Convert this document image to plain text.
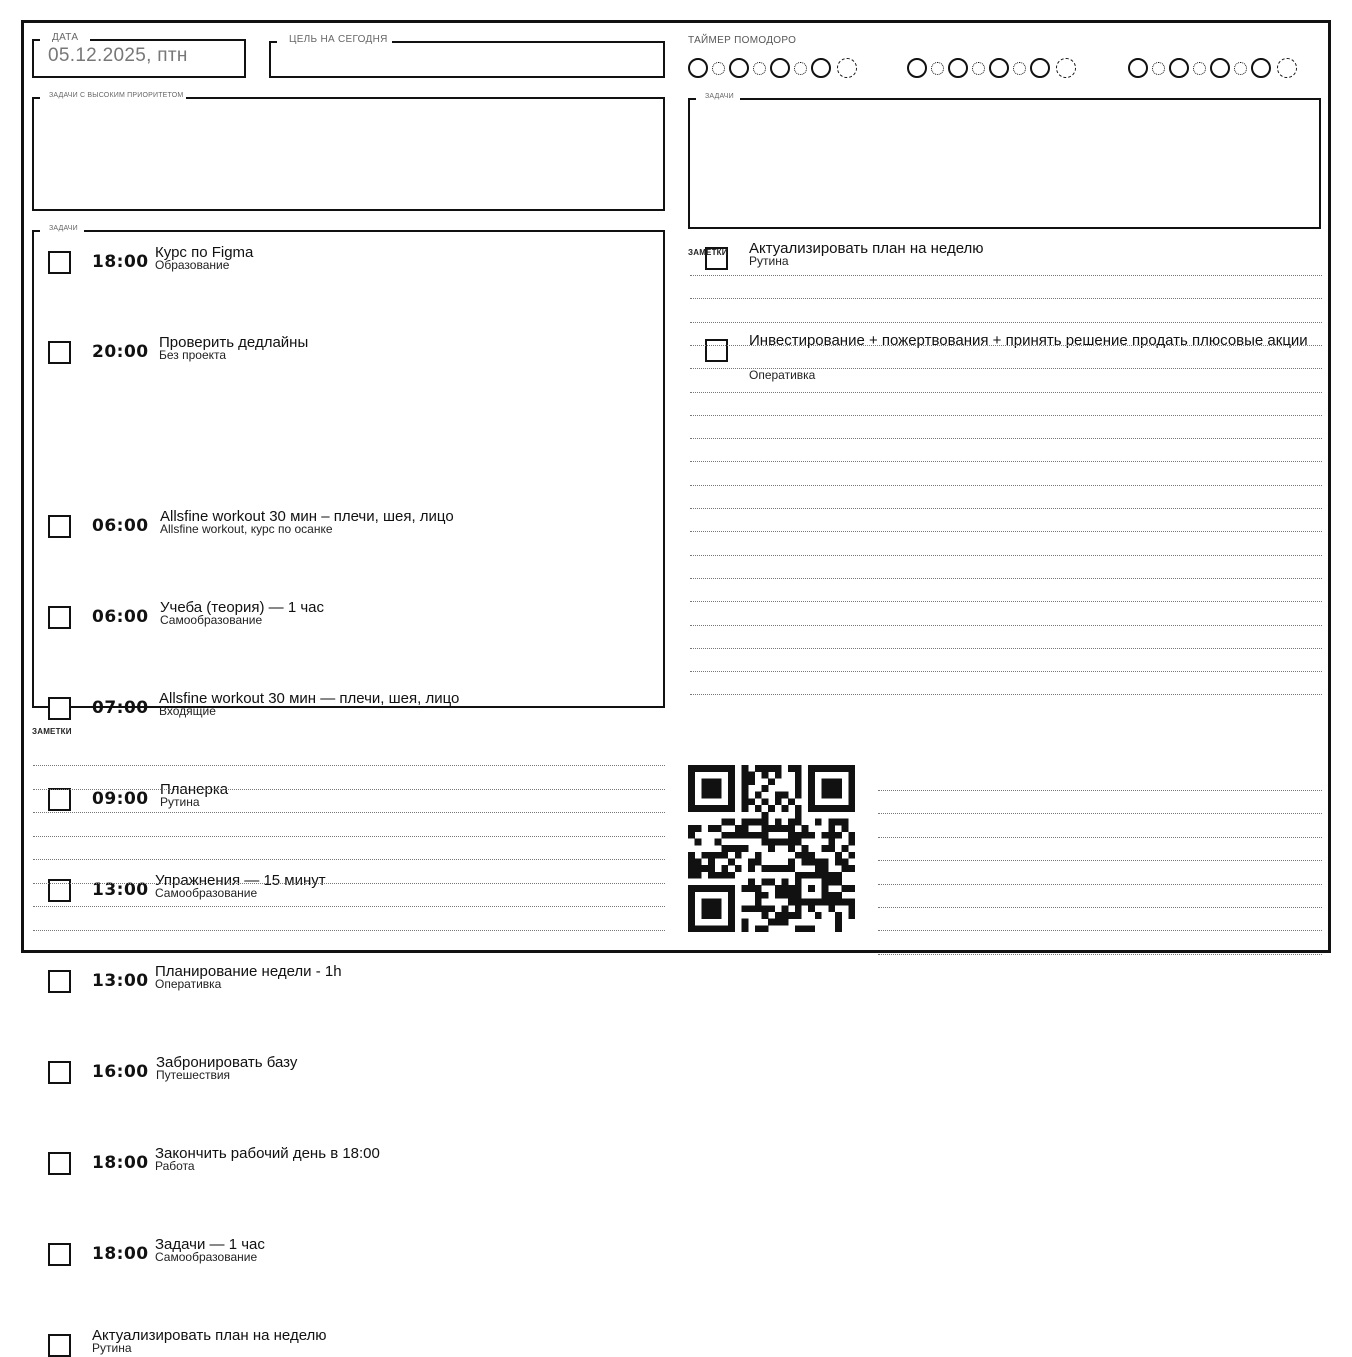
ДАТА
05.12.2025, птн
ЦЕЛЬ НА СЕГОДНЯ	ТАЙМЕР ПОМОДОРО
ЗАДАЧИ С ВЫСОКИМ ПРИОРИТЕТОМ
18:00 Курс по Figma
Образование
20:00 Проверить дедлайны
Без проекта
ЗАДАЧИ
06:00 Allsfine workout 30 мин – плечи, шея, лицо
Allsfine workout, курс по осанке
06:00 Учеба (теория) — 1 час
Самообразование
07:00 Allsfine workout 30 мин — плечи, шея, лицо
Входящие
09:00 Планерка
Рутина
13:00 Упражнения — 15 минут
Самообразование
13:00 Планирование недели - 1h
Оперативка
16:00 Забронировать базу
Путешествия
18:00 Закончить рабочий день в 18:00
Работа
18:00 Задачи — 1 час
Самообразование
Актуализировать план на неделю
Рутина
ЗАДАЧИ
Актуализировать план на неделю
Рутина
Инвестирование + пожертвования + принять решение продать плюсовые акции
Оперативка
ЗАМЕТКИ
ЗАМЕТКИ
